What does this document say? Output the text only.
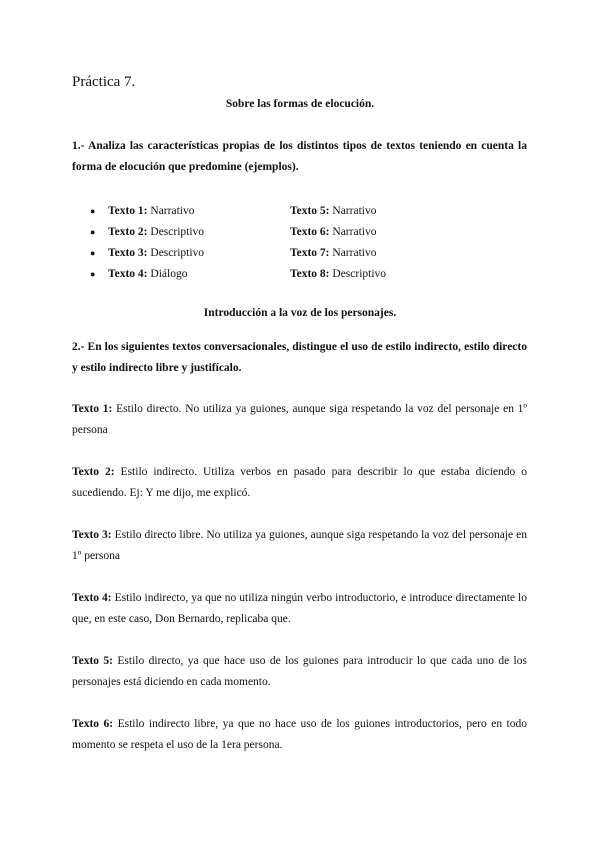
Práctica 7.
Sobre las formas de elocución.
1.- Analiza las características propias de los distintos tipos de textos teniendo en cuenta la forma de elocución que predomine (ejemplos).
●	Texto 1: Narrativo	Texto 5: Narrativo
●	Texto 2: Descriptivo	Texto 6: Narrativo
●	Texto 3: Descriptivo	Texto 7: Narrativo
●	Texto 4: Diálogo	Texto 8: Descriptivo
Introducción a la voz de los personajes.
2.- En los siguientes textos conversacionales, distingue el uso de estilo indirecto, estilo directo y estilo indirecto libre y justifícalo.
Texto 1: Estilo directo. No utiliza ya guiones, aunque siga respetando la voz del personaje en 1º persona
Texto 2: Estilo indirecto. Utiliza verbos en pasado para describir lo que estaba diciendo o sucediendo. Ej: Y me dijo, me explicó.
Texto 3: Estilo directo libre. No utiliza ya guiones, aunque siga respetando la voz del personaje en 1º persona
Texto 4: Estilo indirecto, ya que no utiliza ningún verbo introductorio, e introduce directamente lo que, en este caso, Don Bernardo, replicaba que.
Texto 5: Estilo directo, ya que hace uso de los guiones para introducir lo que cada uno de los personajes está diciendo en cada momento.
Texto 6: Estilo indirecto libre, ya que no hace uso de los guiones introductorios, pero en todo momento se respeta el uso de la 1era persona.
